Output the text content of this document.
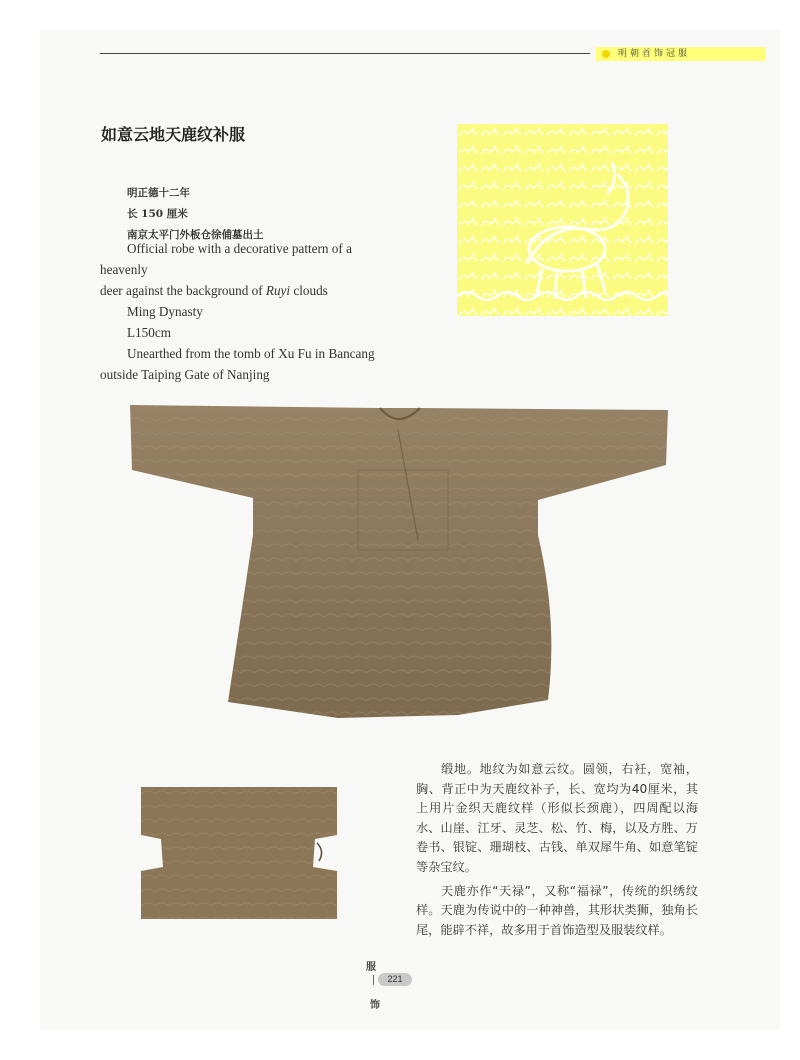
明朝首饰冠服
如意云地天鹿纹补服
明正德十二年
长 150 厘米
南京太平门外板仓徐俌墓出土

Official robe with a decorative pattern of a heavenly

deer against the background of Ruyi clouds

Ming Dynasty

L150cm

Unearthed from the tomb of Xu Fu in Bancang

outside Taiping Gate of Nanjing

缎地。地纹为如意云纹。圆领，右衽，宽袖，胸、背正中为天鹿纹补子，长、宽均为40厘米，其上用片金织天鹿纹样（形似长颈鹿），四周配以海水、山崖、江牙、灵芝、松、竹、梅，以及方胜、万卷书、银锭、珊瑚枝、古钱、单双犀牛角、如意笔锭等杂宝纹。

天鹿亦作“天禄”，又称“福禄”，传统的织绣纹样。天鹿为传说中的一种神兽，其形状类狮，独角长尾，能辟不祥，故多用于首饰造型及服装纹样。

服
221
饰
